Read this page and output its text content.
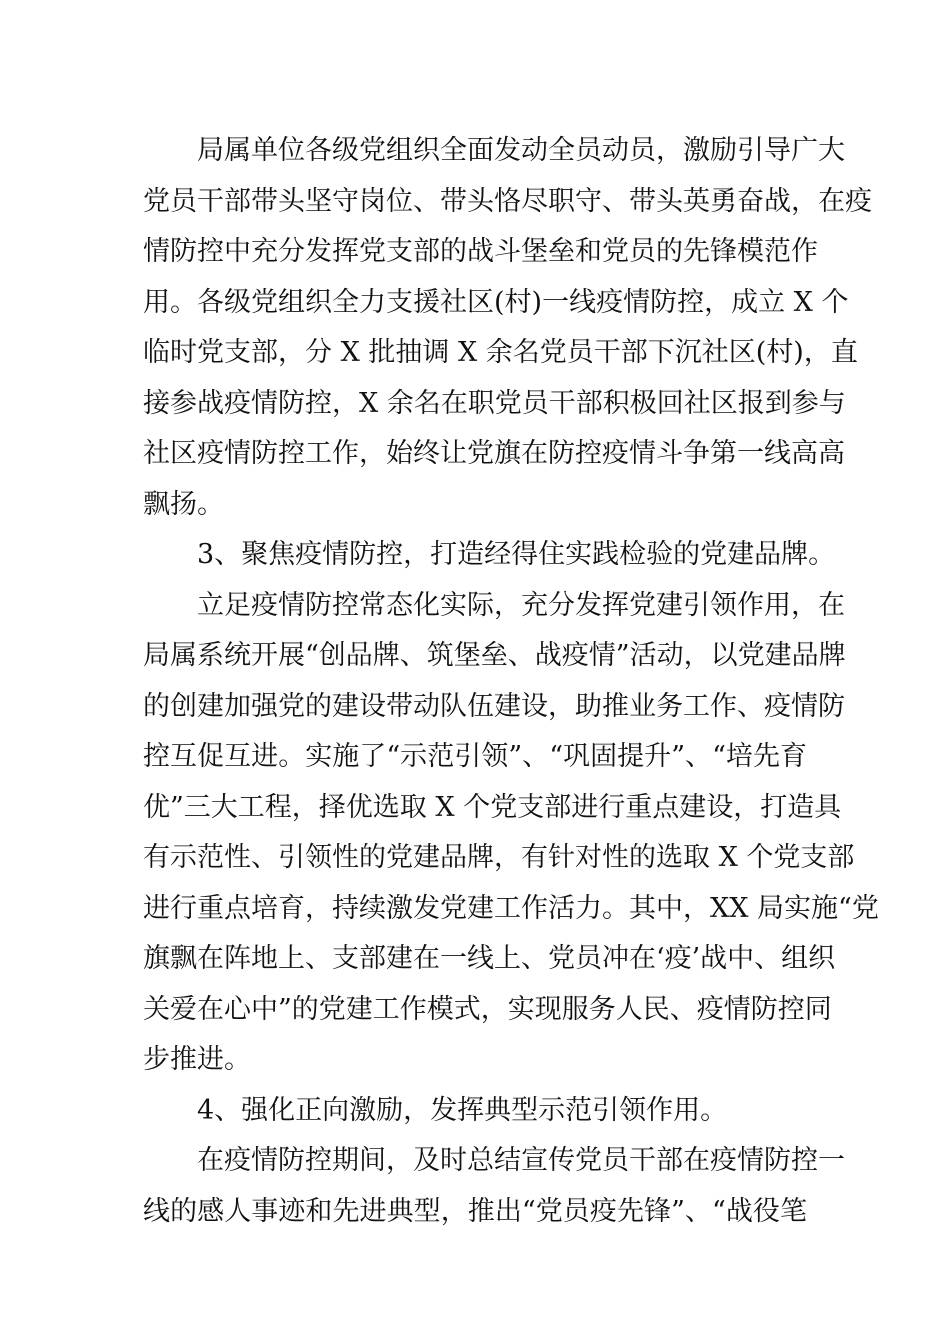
局属单位各级党组织全面发动全员动员，激励引导广大
党员干部带头坚守岗位、带头恪尽职守、带头英勇奋战，在疫
情防控中充分发挥党支部的战斗堡垒和党员的先锋模范作
用。各级党组织全力支援社区(村)一线疫情防控，成立 X 个
临时党支部，分 X 批抽调 X 余名党员干部下沉社区(村)，直
接参战疫情防控，X 余名在职党员干部积极回社区报到参与
社区疫情防控工作，始终让党旗在防控疫情斗争第一线高高
飘扬。
3、聚焦疫情防控，打造经得住实践检验的党建品牌。
立足疫情防控常态化实际，充分发挥党建引领作用，在
局属系统开展“创品牌、筑堡垒、战疫情”活动，以党建品牌
的创建加强党的建设带动队伍建设，助推业务工作、疫情防
控互促互进。实施了“示范引领”、“巩固提升”、“培先育
优”三大工程，择优选取 X 个党支部进行重点建设，打造具
有示范性、引领性的党建品牌，有针对性的选取 X 个党支部
进行重点培育，持续激发党建工作活力。其中，XX 局实施“党
旗飘在阵地上、支部建在一线上、党员冲在‘疫’战中、组织
关爱在心中”的党建工作模式，实现服务人民、疫情防控同
步推进。
4、强化正向激励，发挥典型示范引领作用。
在疫情防控期间，及时总结宣传党员干部在疫情防控一
线的感人事迹和先进典型，推出“党员疫先锋”、“战役笔
